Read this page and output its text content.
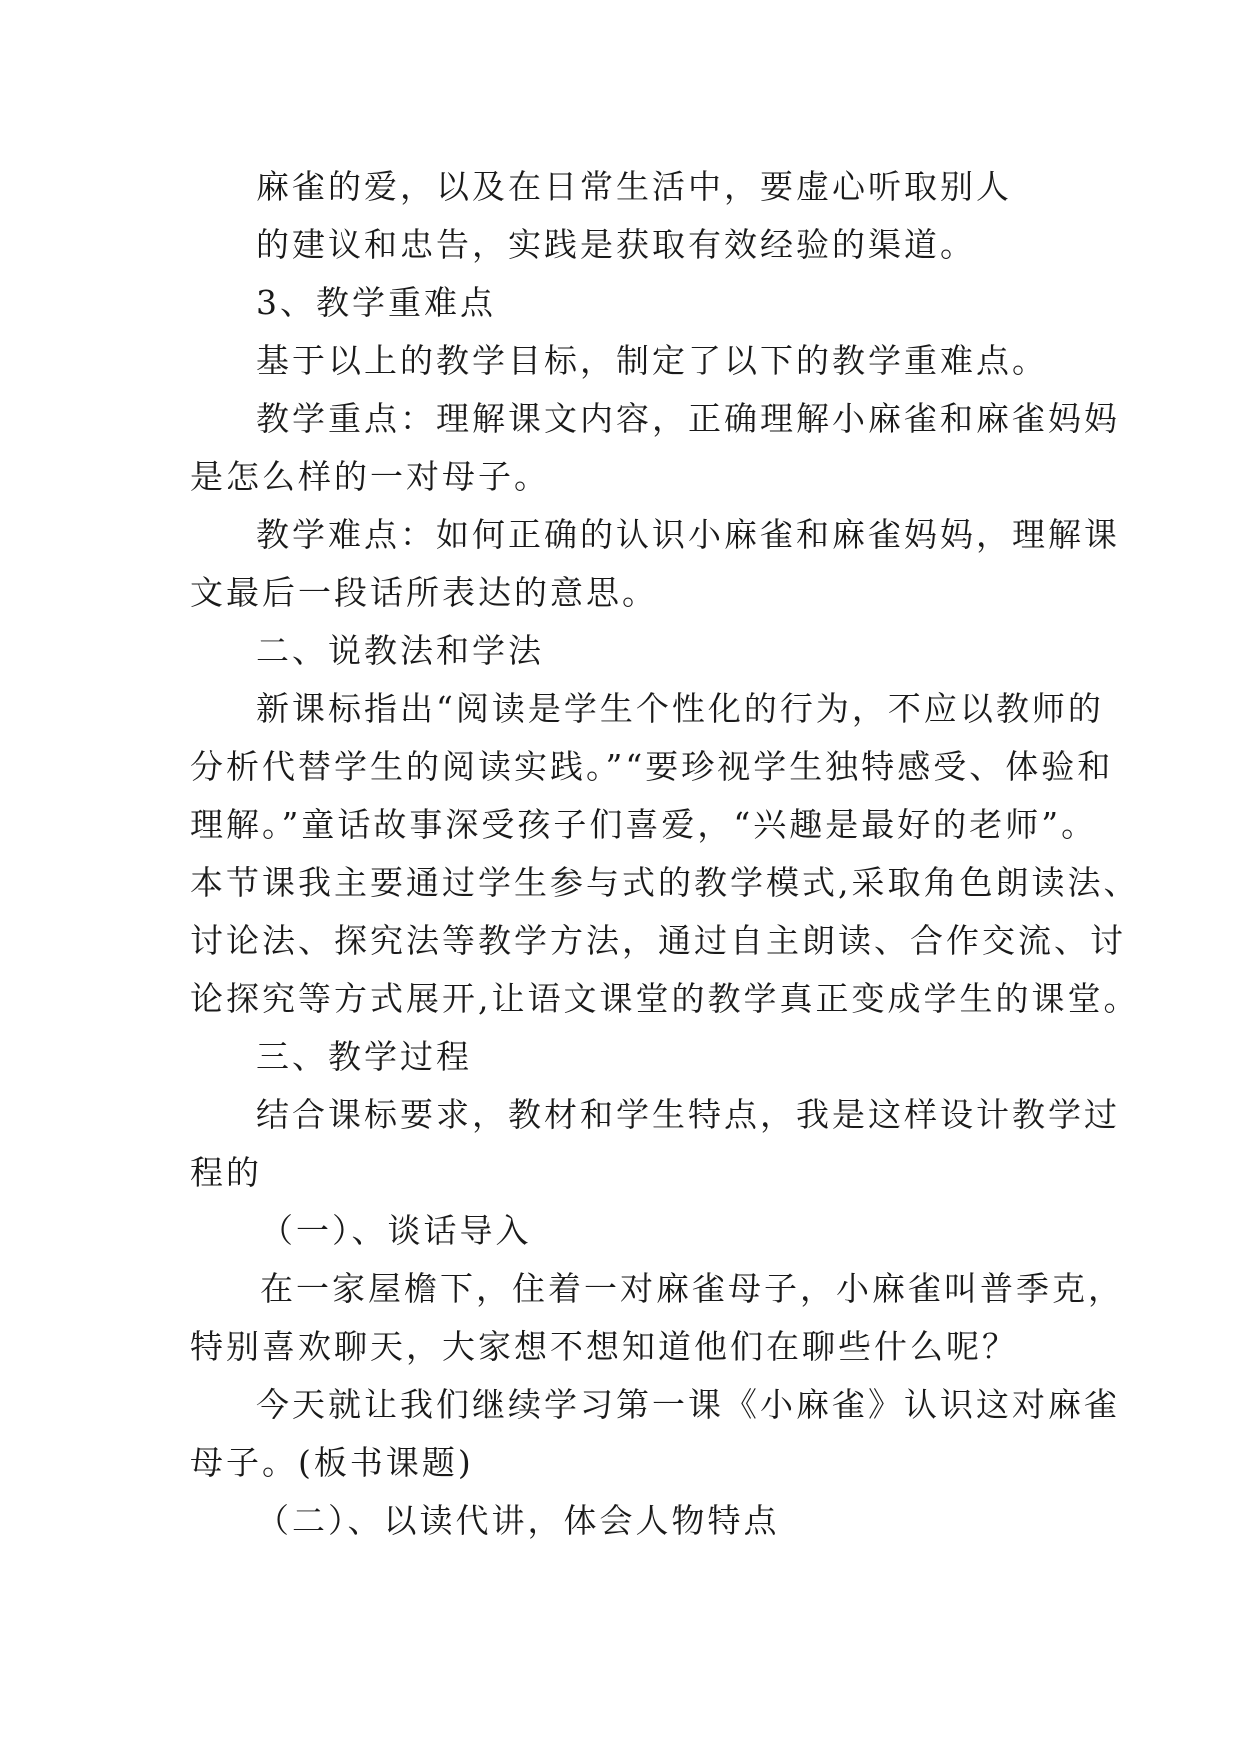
麻雀的爱，以及在日常生活中，要虚心听取别人
的建议和忠告，实践是获取有效经验的渠道。
3、教学重难点
基于以上的教学目标，制定了以下的教学重难点。
教学重点：理解课文内容，正确理解小麻雀和麻雀妈妈
是怎么样的一对母子。
教学难点：如何正确的认识小麻雀和麻雀妈妈，理解课
文最后一段话所表达的意思。
二、说教法和学法
新课标指出“阅读是学生个性化的行为，不应以教师的
分析代替学生的阅读实践。”“要珍视学生独特感受、体验和
理解。”童话故事深受孩子们喜爱，“兴趣是最好的老师”。
本节课我主要通过学生参与式的教学模式,采取角色朗读法、
讨论法、探究法等教学方法，通过自主朗读、合作交流、讨
论探究等方式展开,让语文课堂的教学真正变成学生的课堂。
三、教学过程
结合课标要求，教材和学生特点，我是这样设计教学过
程的
（一）、谈话导入
在一家屋檐下，住着一对麻雀母子，小麻雀叫普季克，
特别喜欢聊天，大家想不想知道他们在聊些什么呢？
今天就让我们继续学习第一课《小麻雀》认识这对麻雀
母子。(板书课题)
（二）、以读代讲，体会人物特点
